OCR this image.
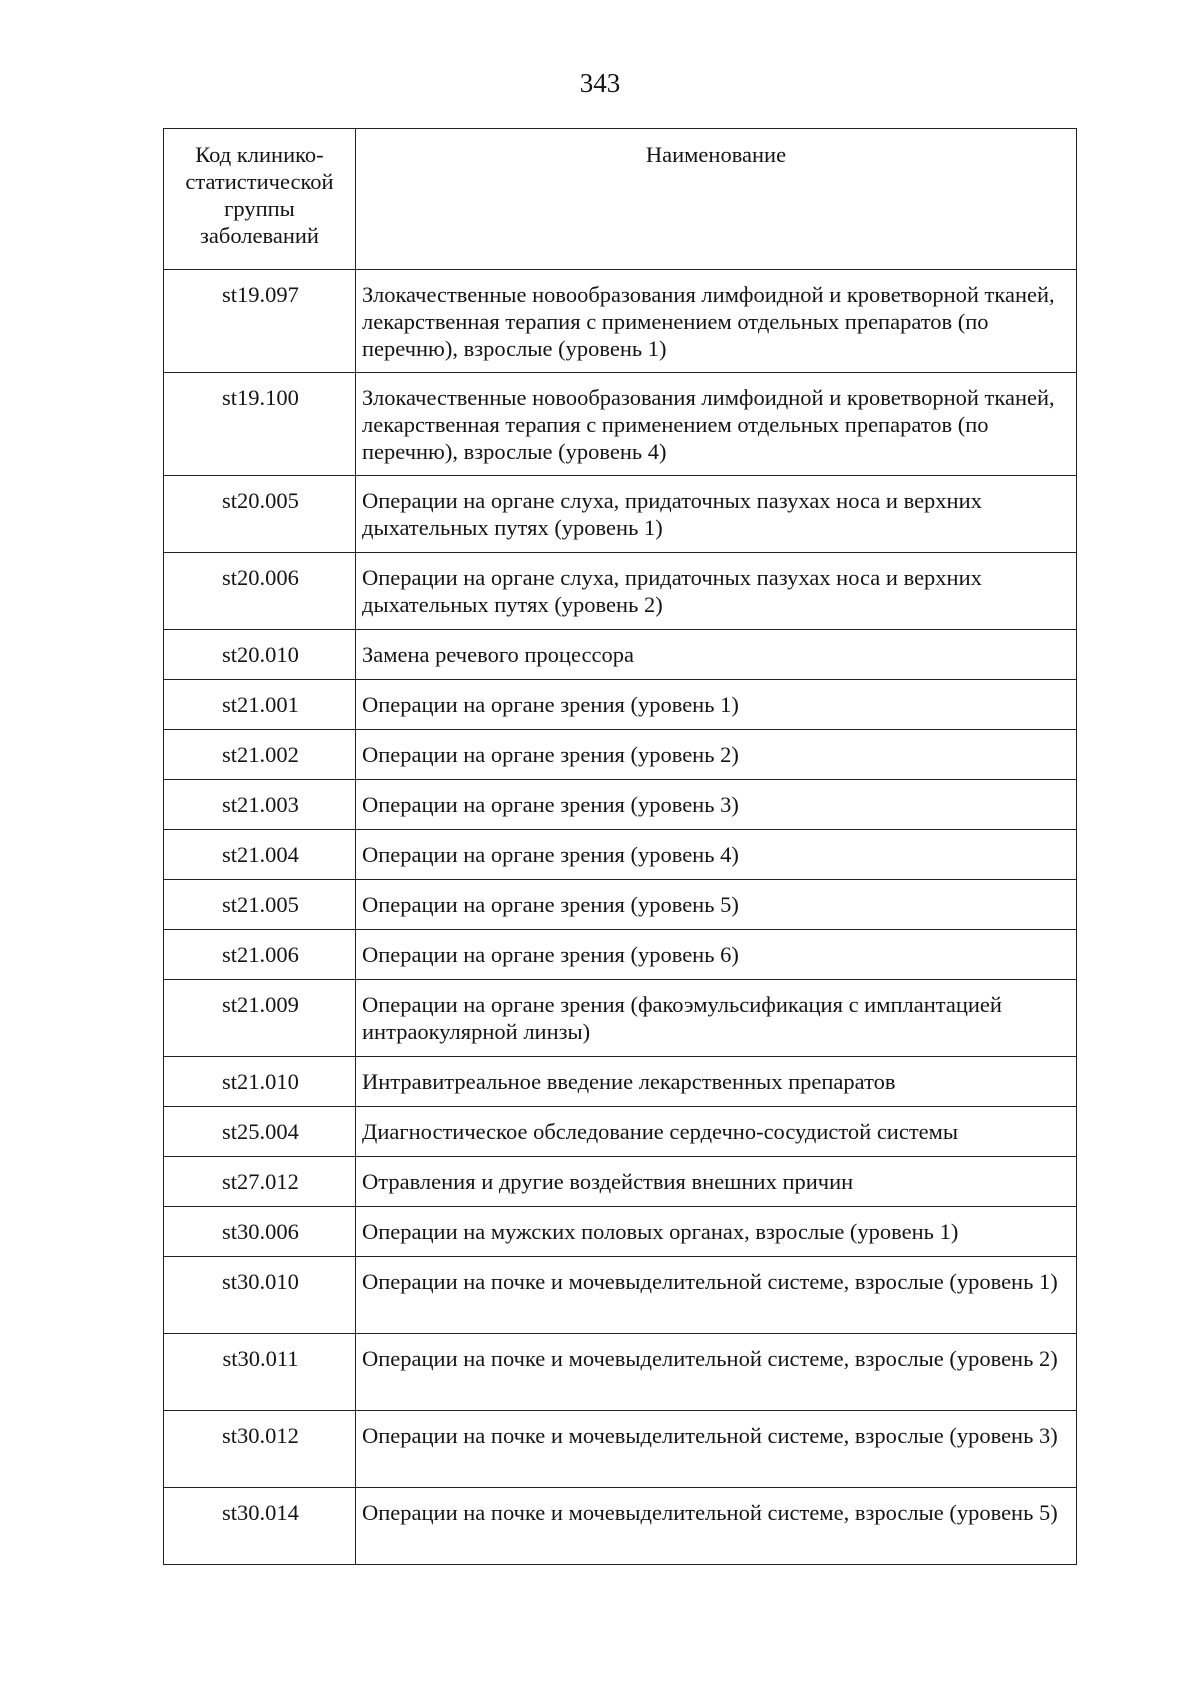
343
Код клинико-
статистической
группы
заболеваний	Наименование
st19.097	Злокачественные новообразования лимфоидной и кроветворной тканей, лекарственная терапия с применением отдельных препаратов (по перечню), взрослые (уровень 1)
st19.100	Злокачественные новообразования лимфоидной и кроветворной тканей, лекарственная терапия с применением отдельных препаратов (по перечню), взрослые (уровень 4)
st20.005	Операции на органе слуха, придаточных пазухах носа и верхних дыхательных путях (уровень 1)
st20.006	Операции на органе слуха, придаточных пазухах носа и верхних дыхательных путях (уровень 2)
st20.010	Замена речевого процессора
st21.001	Операции на органе зрения (уровень 1)
st21.002	Операции на органе зрения (уровень 2)
st21.003	Операции на органе зрения (уровень 3)
st21.004	Операции на органе зрения (уровень 4)
st21.005	Операции на органе зрения (уровень 5)
st21.006	Операции на органе зрения (уровень 6)
st21.009	Операции на органе зрения (факоэмульсификация с имплантацией интраокулярной линзы)
st21.010	Интравитреальное введение лекарственных препаратов
st25.004	Диагностическое обследование сердечно-сосудистой системы
st27.012	Отравления и другие воздействия внешних причин
st30.006	Операции на мужских половых органах, взрослые (уровень 1)
st30.010	Операции на почке и мочевыделительной системе, взрослые (уровень 1)
st30.011	Операции на почке и мочевыделительной системе, взрослые (уровень 2)
st30.012	Операции на почке и мочевыделительной системе, взрослые (уровень 3)
st30.014	Операции на почке и мочевыделительной системе, взрослые (уровень 5)
